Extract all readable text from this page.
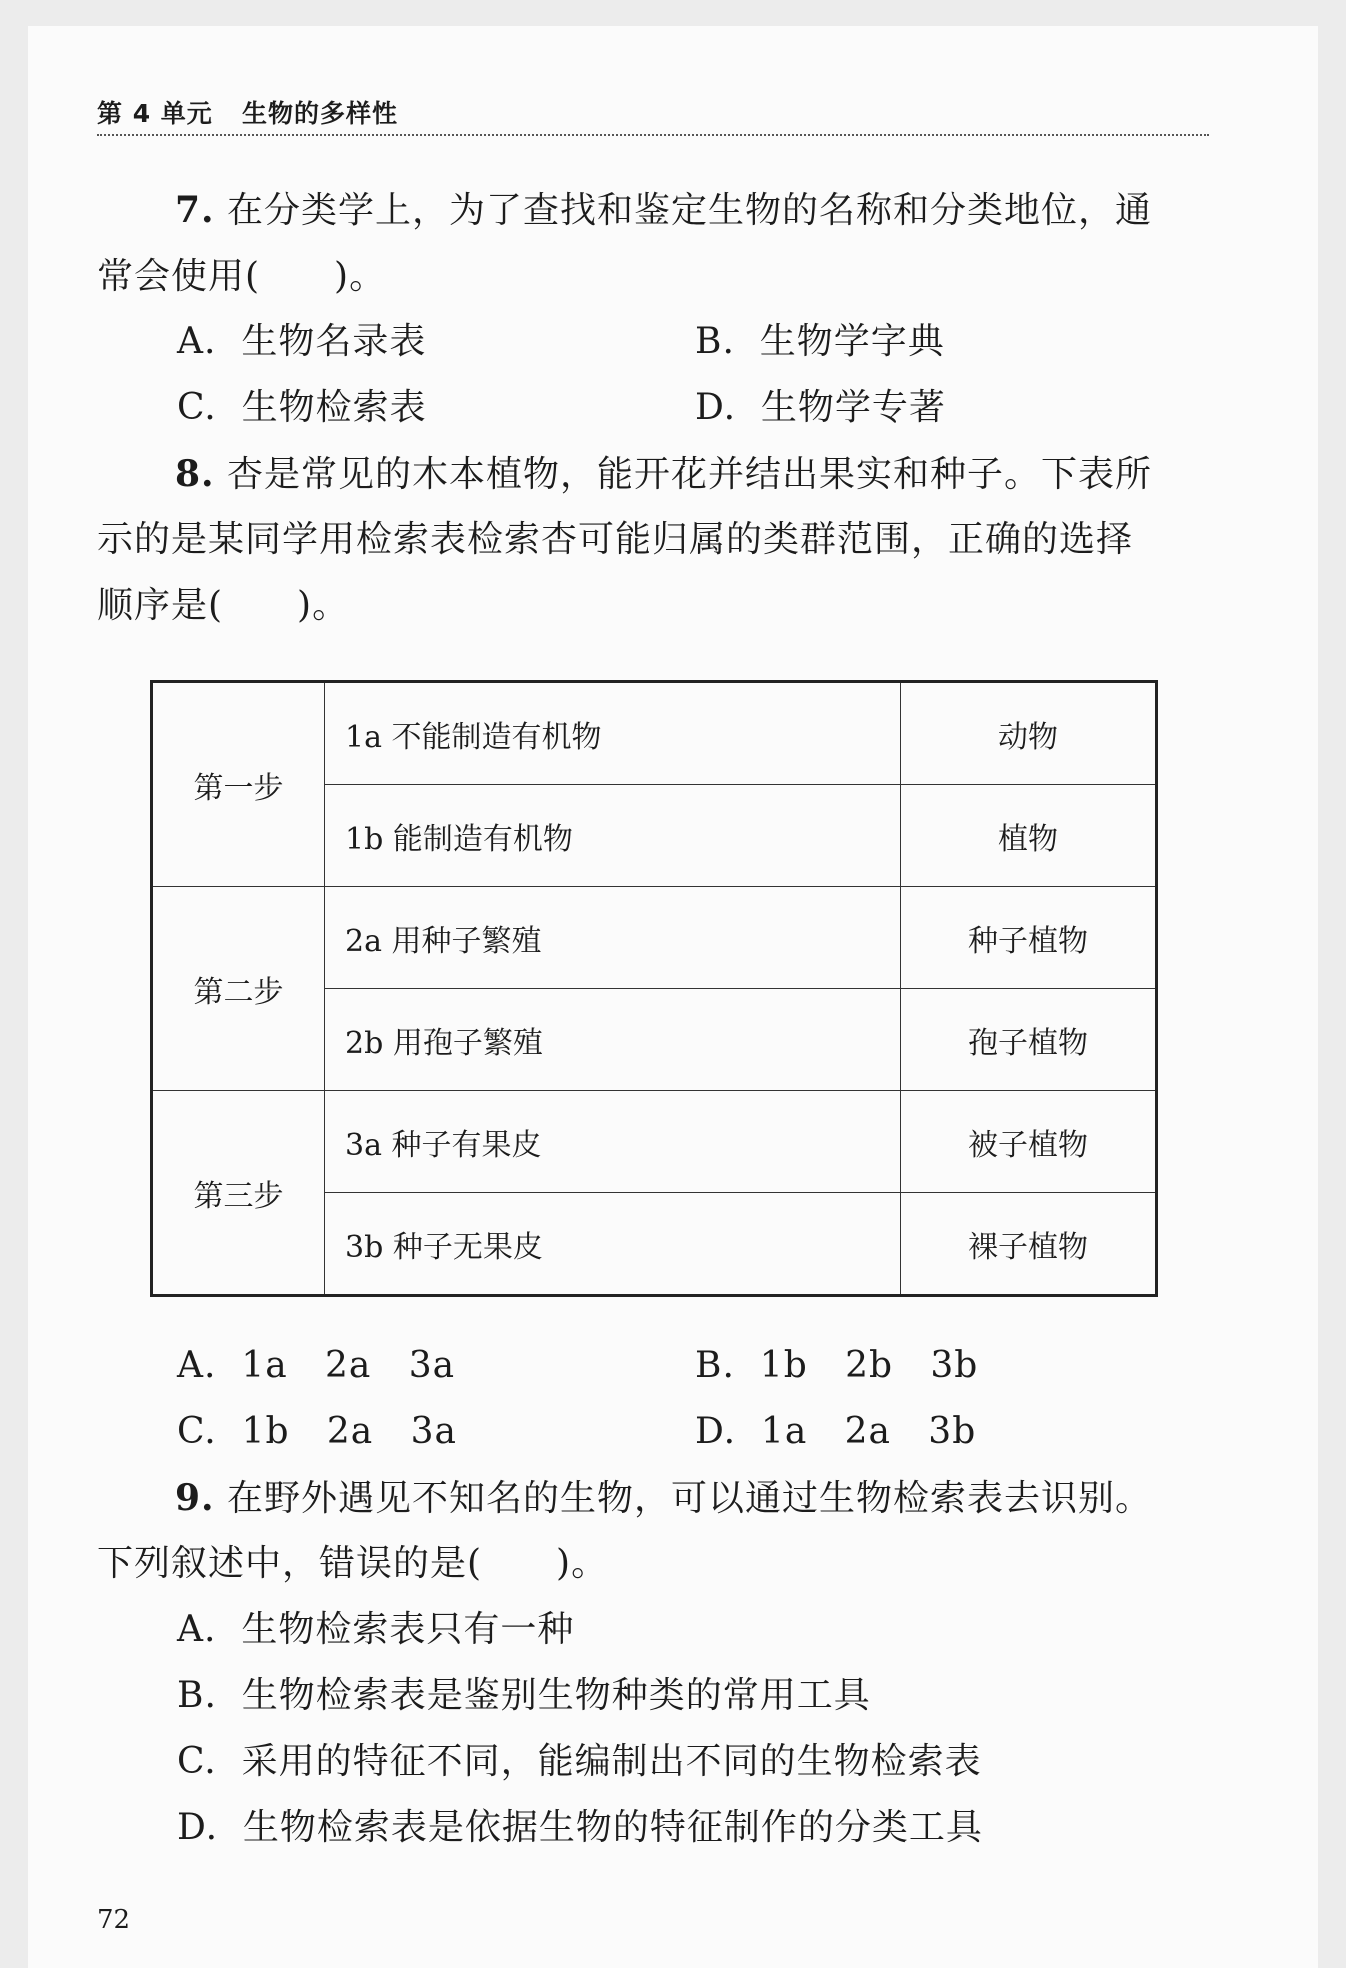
第 4 单元 生物的多样性
7. 在分类学上，为了查找和鉴定生物的名称和分类地位，通
常会使用(　　)。
A.  生物名录表	B.  生物学字典
C.  生物检索表	D.  生物学专著
8. 杏是常见的木本植物，能开花并结出果实和种子。下表所
示的是某同学用检索表检索杏可能归属的类群范围，正确的选择
顺序是(　　)。
第一步	1a 不能制造有机物	动物
	1b 能制造有机物	植物
第二步	2a 用种子繁殖	种子植物
	2b 用孢子繁殖	孢子植物
第三步	3a 种子有果皮	被子植物
	3b 种子无果皮	裸子植物
A.  1a   2a   3a	B.  1b   2b   3b
C.  1b   2a   3a	D.  1a   2a   3b
9. 在野外遇见不知名的生物，可以通过生物检索表去识别。
下列叙述中，错误的是(　　)。
A.  生物检索表只有一种
B.  生物检索表是鉴别生物种类的常用工具
C.  采用的特征不同，能编制出不同的生物检索表
D.  生物检索表是依据生物的特征制作的分类工具
72
